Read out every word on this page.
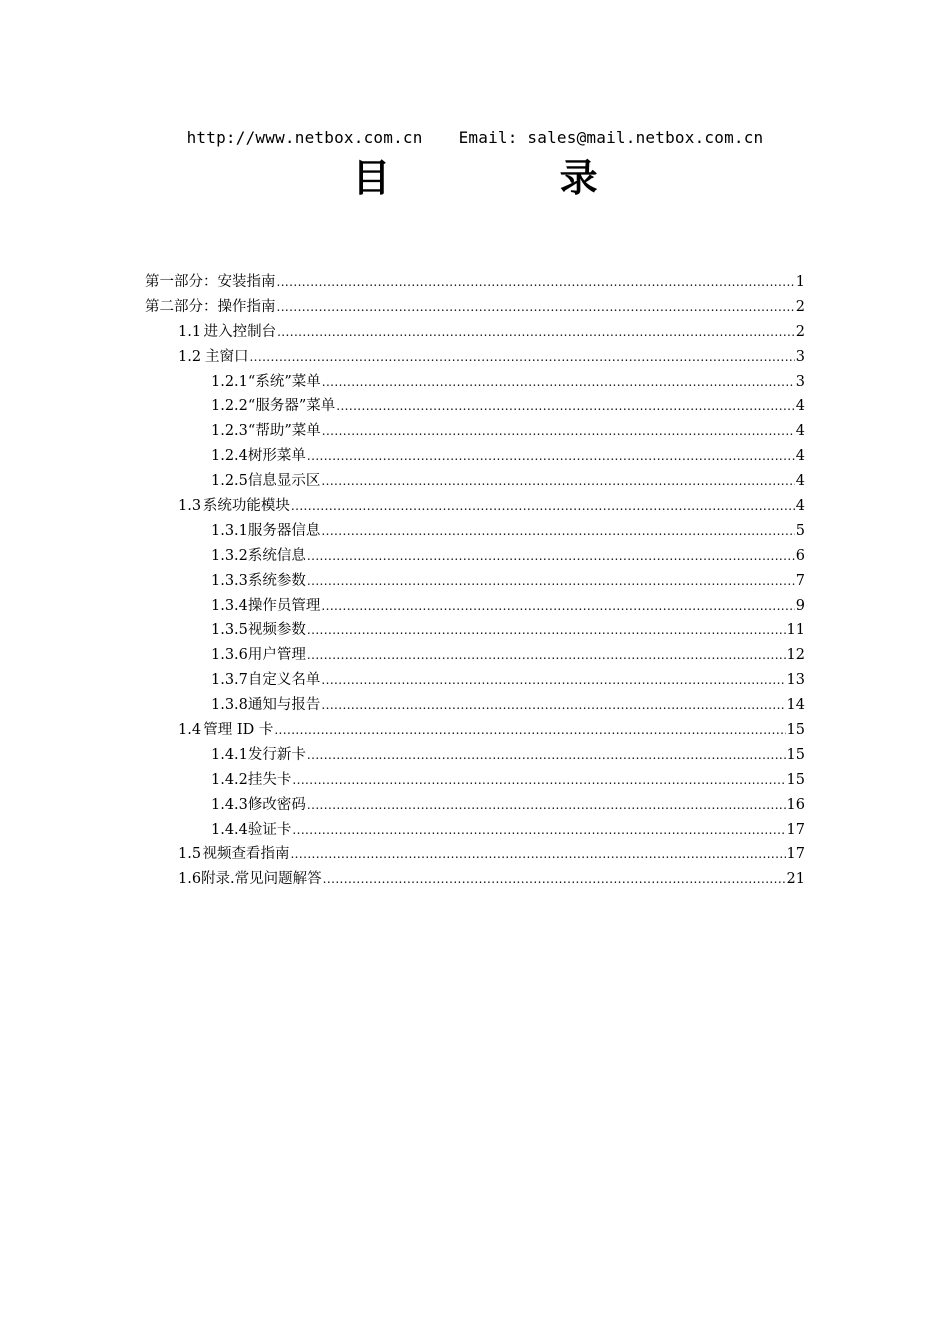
http://www.netbox.com.cn Email: sales@mail.netbox.com.cn
目 录
第一部分：安装指南 .....	1
第二部分：操作指南 .....	2
1.1 进入控制台 .....	2
1.2 主窗口 .....	3
1.2.1 “系统”菜单 .....	3
1.2.2 “服务器”菜单 .....	4
1.2.3 “帮助”菜单 .....	4
1.2.4 树形菜单 .....	4
1.2.5 信息显示区 .....	4
1.3 系统功能模块 .....	4
1.3.1 服务器信息 .....	5
1.3.2 系统信息 .....	6
1.3.3 系统参数 .....	7
1.3.4 操作员管理 .....	9
1.3.5 视频参数 .....	11
1.3.6 用户管理 .....	12
1.3.7 自定义名单 .....	13
1.3.8 通知与报告 .....	14
1.4 管理 ID 卡 .....	15
1.4.1 发行新卡 .....	15
1.4.2 挂失卡 .....	15
1.4.3 修改密码 .....	16
1.4.4 验证卡 .....	17
1.5 视频查看指南 .....	17
1.6 附录.常见问题解答 .....	21
